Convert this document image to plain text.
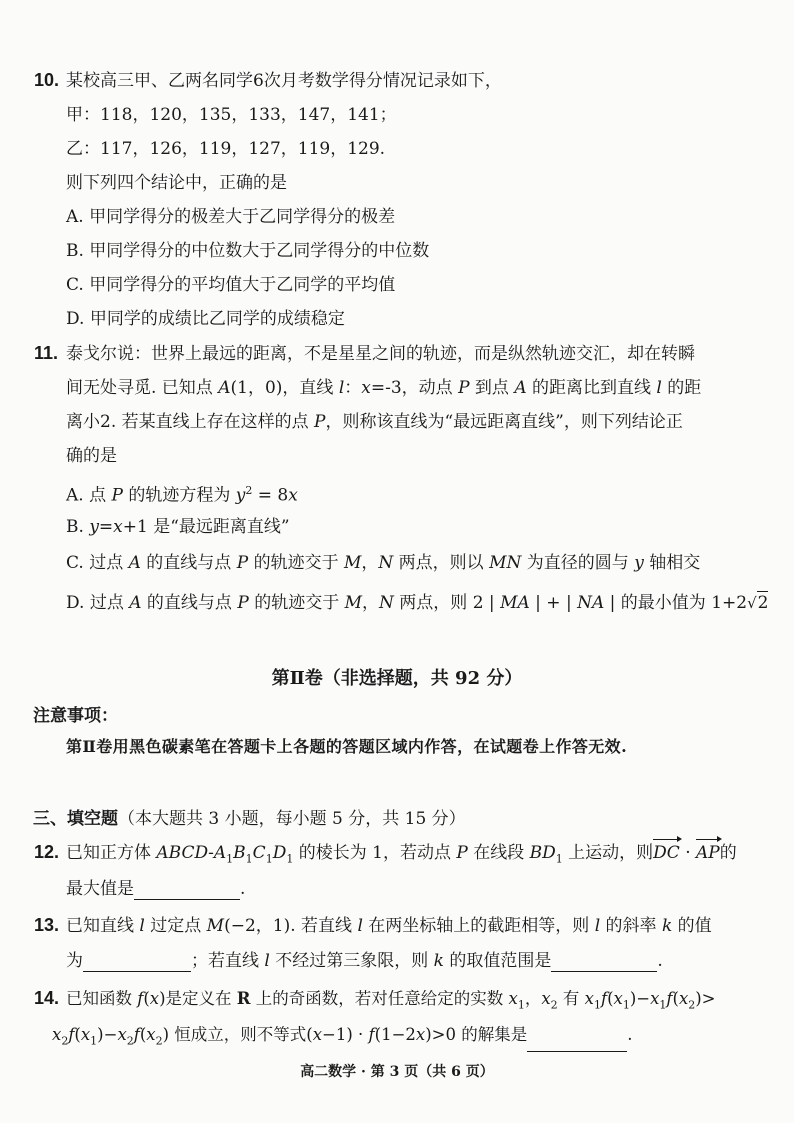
10. 某校高三甲、乙两名同学6次月考数学得分情况记录如下，
甲：118，120，135，133，147，141；
乙：117，126，119，127，119，129.
则下列四个结论中，正确的是
A. 甲同学得分的极差大于乙同学得分的极差
B. 甲同学得分的中位数大于乙同学得分的中位数
C. 甲同学得分的平均值大于乙同学的平均值
D. 甲同学的成绩比乙同学的成绩稳定
11. 泰戈尔说：世界上最远的距离，不是星星之间的轨迹，而是纵然轨迹交汇，却在转瞬
间无处寻觅. 已知点 A(1，0)，直线 l：x=-3，动点 P 到点 A 的距离比到直线 l 的距
离小2. 若某直线上存在这样的点 P，则称该直线为“最远距离直线”，则下列结论正
确的是
A. 点 P 的轨迹方程为 $y^2 = 8x$
B. y=x+1 是“最远距离直线”
C. 过点 A 的直线与点 P 的轨迹交于 M，N 两点，则以 MN 为直径的圆与 y 轴相交
D. 过点 A 的直线与点 P 的轨迹交于 M，N 两点，则 2 | MA | + | NA | 的最小值为 1+2√2
第Ⅱ卷（非选择题，共 92 分）
注意事项：
第Ⅱ卷用黑色碳素笔在答题卡上各题的答题区域内作答，在试题卷上作答无效.
三、填空题（本大题共 3 小题，每小题 5 分，共 15 分）
12. 已知正方体 ABCD-$A_1B_1C_1D_1$ 的棱长为 1，若动点 P 在线段 $BD_1$ 上运动，则DC · AP的
最大值是	.
13. 已知直线 l 过定点 M(−2，1). 若直线 l 在两坐标轴上的截距相等，则 l 的斜率 k 的值
为	；若直线 l 不经过第三象限，则 k 的取值范围是	.
14. 已知函数 f(x)是定义在 R 上的奇函数，若对任意给定的实数 $x_1$，$x_2$ 有 $x_1f(x_1)-x_1f(x_2)>$
$x_2f(x_1)-x_2f(x_2)$ 恒成立，则不等式(x−1) · f(1−2x)>0 的解集是	.
高二数学 · 第 3 页（共 6 页）
